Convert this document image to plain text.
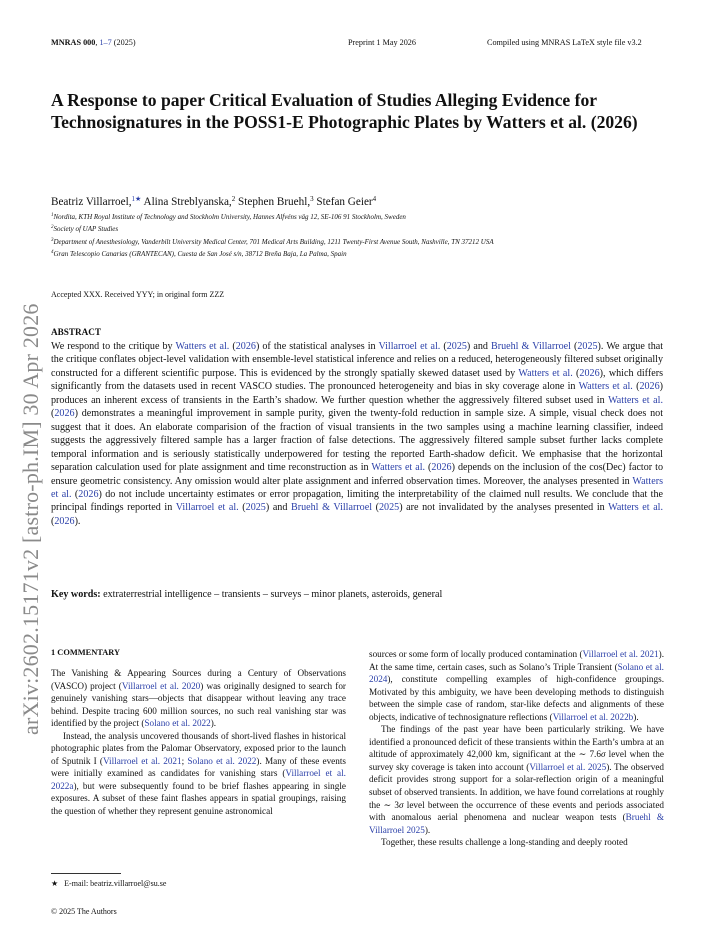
MNRAS 000, 1–7 (2025)	Preprint 1 May 2026	Compiled using MNRAS LaTeX style file v3.2
A Response to paper Critical Evaluation of Studies Alleging Evidence for Technosignatures in the POSS1-E Photographic Plates by Watters et al. (2026)
Beatriz Villarroel,$^{1★}$ Alina Streblyanska,$^2$ Stephen Bruehl,$^3$ Stefan Geier$^4$
$^1$Nordita, KTH Royal Institute of Technology and Stockholm University, Hannes Alfvéns väg 12, SE-106 91 Stockholm, Sweden
$^2$Society of UAP Studies
$^3$Department of Anesthesiology, Vanderbilt University Medical Center, 701 Medical Arts Building, 1211 Twenty-First Avenue South, Nashville, TN 37212 USA
$^4$Gran Telescopio Canarias (GRANTECAN), Cuesta de San José s/n, 38712 Breña Baja, La Palma, Spain
Accepted XXX. Received YYY; in original form ZZZ
ABSTRACT
We respond to the critique by Watters et al. (2026) of the statistical analyses in Villarroel et al. (2025) and Bruehl & Villarroel (2025). We argue that the critique conflates object-level validation with ensemble-level statistical inference and relies on a reduced, heterogeneously filtered subset originally constructed for a different scientific purpose. This is evidenced by the strongly spatially skewed dataset used by Watters et al. (2026), which differs significantly from the datasets used in recent VASCO studies. The pronounced heterogeneity and bias in sky coverage alone in Watters et al. (2026) produces an inherent excess of transients in the Earth’s shadow. We further question whether the aggressively filtered subset used in Watters et al. (2026) demonstrates a meaningful improvement in sample purity, given the twenty-fold reduction in sample size. A simple, visual check does not suggest that it does. An elaborate comparision of the fraction of visual transients in the two samples using a machine learning classifier, indeed suggests the aggressively filtered sample has a larger fraction of false detections. The aggressively filtered sample subset further lacks complete temporal information and is seriously statistically underpowered for testing the reported Earth-shadow deficit. We emphasise that the horizontal separation calculation used for plate assignment and time reconstruction as in Watters et al. (2026) depends on the inclusion of the cos(Dec) factor to ensure geometric consistency. Any omission would alter plate assignment and inferred observation times. Moreover, the analyses presented in Watters et al. (2026) do not include uncertainty estimates or error propagation, limiting the interpretability of the claimed null results. We conclude that the principal findings reported in Villarroel et al. (2025) and Bruehl & Villarroel (2025) are not invalidated by the analyses presented in Watters et al. (2026).
Key words: extraterrestrial intelligence – transients – surveys – minor planets, asteroids, general
arXiv:2602.15171v2 [astro-ph.IM] 30 Apr 2026 1 COMMENTARY

The Vanishing & Appearing Sources during a Century of Observations (VASCO) project (Villarroel et al. 2020) was originally designed to search for genuinely vanishing stars—objects that disappear without leaving any trace behind. Despite tracing 600 million sources, no such real vanishing star was identified by the project (Solano et al. 2022).

Instead, the analysis uncovered thousands of short-lived flashes in historical photographic plates from the Palomar Observatory, exposed prior to the launch of Sputnik I (Villarroel et al. 2021; Solano et al. 2022). Many of these events were initially examined as candidates for vanishing stars (Villarroel et al. 2022a), but were subsequently found to be brief flashes appearing in single exposures. A subset of these faint flashes appears in spatial groupings, raising the question of whether they represent genuine astronomical

sources or some form of locally produced contamination (Villarroel et al. 2021). At the same time, certain cases, such as Solano’s Triple Transient (Solano et al. 2024), constitute compelling examples of high-confidence groupings. Motivated by this ambiguity, we have been developing methods to distinguish between the simple case of random, star-like defects and alignments of these objects, indicative of technosignature reflections (Villarroel et al. 2022b).

The findings of the past year have been particularly striking. We have identified a pronounced deficit of these transients within the Earth’s umbra at an altitude of approximately 42,000 km, significant at the ∼ 7.6σ level when the survey sky coverage is taken into account (Villarroel et al. 2025). The observed deficit provides strong support for a solar-reflection origin of a meaningful subset of observed transients. In addition, we have found correlations at roughly the ∼ 3σ level between the occurrence of these events and periods associated with anomalous aerial phenomena and nuclear weapon tests (Bruehl & Villarroel 2025).

Together, these results challenge a long-standing and deeply rooted

★ E-mail: beatriz.villarroel@su.se
© 2025 The Authors
